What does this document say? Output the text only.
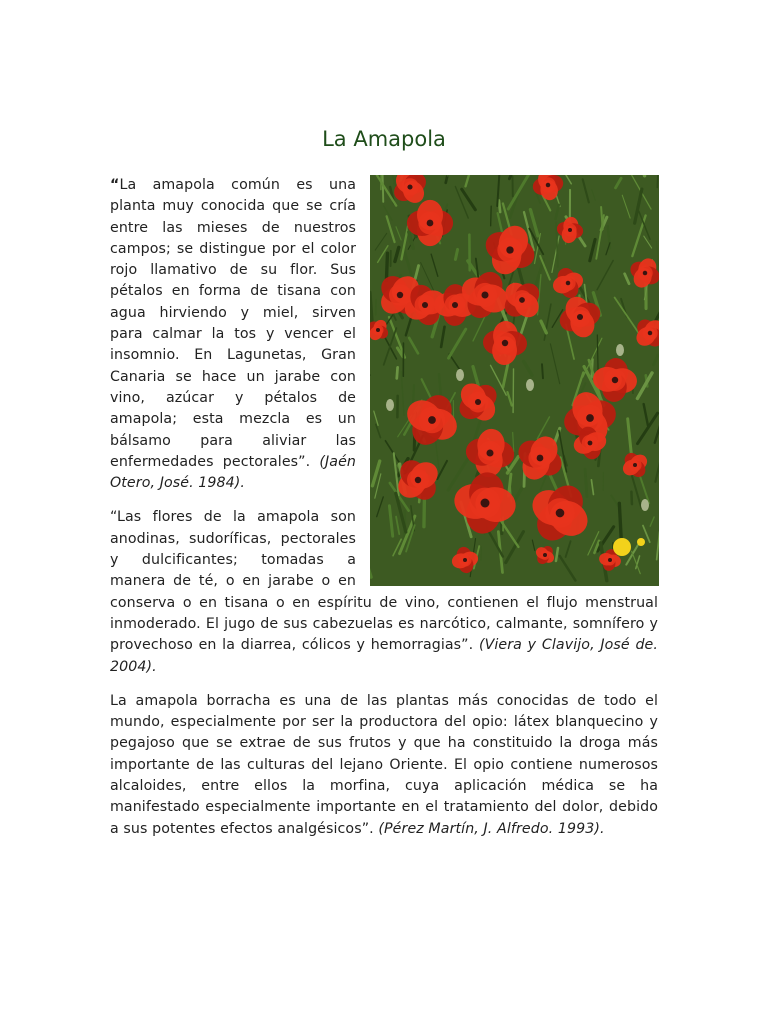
La Amapola

“La amapola común es una planta muy conocida que se cría entre las mieses de nuestros campos; se distingue por el color rojo llamativo de su flor. Sus pétalos en forma de tisana con agua hirviendo y miel, sirven para calmar la tos y vencer el insomnio. En Lagunetas, Gran Canaria se hace un jarabe con vino, azúcar y pétalos de amapola; esta mezcla es un bálsamo para aliviar las enfermedades pectorales”. (Jaén Otero, José. 1984).

“Las flores de la amapola son anodinas, sudoríficas, pectorales y dulcificantes; tomadas a manera de té, o en jarabe o en conserva o en tisana o en espíritu de vino, contienen el flujo menstrual inmoderado. El jugo de sus cabezuelas es narcótico, calmante, somnífero y provechoso en la diarrea, cólicos y hemorragias”. (Viera y Clavijo, José de. 2004).

La amapola borracha es una de las plantas más conocidas de todo el mundo, especialmente por ser la productora del opio: látex blanquecino y pegajoso que se extrae de sus frutos y que ha constituido la droga más importante de las culturas del lejano Oriente. El opio contiene numerosos alcaloides, entre ellos la morfina, cuya aplicación médica se ha manifestado especialmente importante en el tratamiento del dolor, debido a sus potentes efectos analgésicos”. (Pérez Martín, J. Alfredo. 1993).
